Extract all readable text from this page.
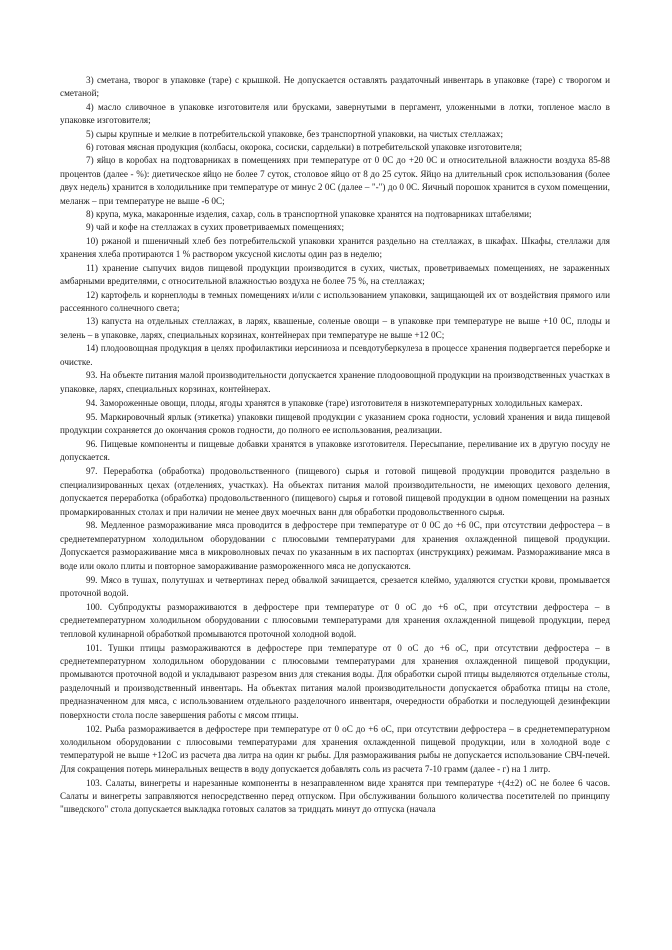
3) сметана, творог в упаковке (таре) с крышкой. Не допускается оставлять раздаточный инвентарь в упаковке (таре) с творогом и сметаной;

4) масло сливочное в упаковке изготовителя или брусками, завернутыми в пергамент, уложенными в лотки, топленое масло в упаковке изготовителя;

5) сыры крупные и мелкие в потребительской упаковке, без транспортной упаковки, на чистых стеллажах;

6) готовая мясная продукция (колбасы, окорока, сосиски, сардельки) в потребительской упаковке изготовителя;

7) яйцо в коробах на подтоварниках в помещениях при температуре от 0 0С до +20 0С и относительной влажности воздуха 85-88 процентов (далее - %): диетическое яйцо не более 7 суток, столовое яйцо от 8 до 25 суток. Яйцо на длительный срок использования (более двух недель) хранится в холодильнике при температуре от минус 2 0С (далее – "-") до 0 0С. Яичный порошок хранится в сухом помещении, меланж – при температуре не выше -6 0С;

8) крупа, мука, макаронные изделия, сахар, соль в транспортной упаковке хранятся на подтоварниках штабелями;

9) чай и кофе на стеллажах в сухих проветриваемых помещениях;

10) ржаной и пшеничный хлеб без потребительской упаковки хранится раздельно на стеллажах, в шкафах. Шкафы, стеллажи для хранения хлеба протираются 1 % раствором уксусной кислоты один раз в неделю;

11) хранение сыпучих видов пищевой продукции производится в сухих, чистых, проветриваемых помещениях, не зараженных амбарными вредителями, с относительной влажностью воздуха не более 75 %, на стеллажах;

12) картофель и корнеплоды в темных помещениях и/или с использованием упаковки, защищающей их от воздействия прямого или рассеянного солнечного света;

13) капуста на отдельных стеллажах, в ларях, квашеные, соленые овощи – в упаковке при температуре не выше +10 0С, плоды и зелень – в упаковке, ларях, специальных корзинах, контейнерах при температуре не выше +12 0С;

14) плодоовощная продукция в целях профилактики иерсиниоза и псевдотуберкулеза в процессе хранения подвергается переборке и очистке.

93. На объекте питания малой производительности допускается хранение плодоовощной продукции на производственных участках в упаковке, ларях, специальных корзинах, контейнерах.

94. Замороженные овощи, плоды, ягоды хранятся в упаковке (таре) изготовителя в низкотемпературных холодильных камерах.

95. Маркировочный ярлык (этикетка) упаковки пищевой продукции с указанием срока годности, условий хранения и вида пищевой продукции сохраняется до окончания сроков годности, до полного ее использования, реализации.

96. Пищевые компоненты и пищевые добавки хранятся в упаковке изготовителя. Пересыпание, переливание их в другую посуду не допускается.

97. Переработка (обработка) продовольственного (пищевого) сырья и готовой пищевой продукции проводится раздельно в специализированных цехах (отделениях, участках). На объектах питания малой производительности, не имеющих цехового деления, допускается переработка (обработка) продовольственного (пищевого) сырья и готовой пищевой продукции в одном помещении на разных промаркированных столах и при наличии не менее двух моечных ванн для обработки продовольственного сырья.

98. Медленное размораживание мяса проводится в дефростере при температуре от 0 0С до +6 0С, при отсутствии дефростера – в среднетемпературном холодильном оборудовании с плюсовыми температурами для хранения охлажденной пищевой продукции. Допускается размораживание мяса в микроволновых печах по указанным в их паспортах (инструкциях) режимам. Размораживание мяса в воде или около плиты и повторное замораживание размороженного мяса не допускаются.

99. Мясо в тушах, полутушах и четвертинах перед обвалкой зачищается, срезается клеймо, удаляются сгустки крови, промывается проточной водой.

100. Субпродукты размораживаются в дефростере при температуре от 0 оС до +6 оС, при отсутствии дефростера – в среднетемпературном холодильном оборудовании с плюсовыми температурами для хранения охлажденной пищевой продукции, перед тепловой кулинарной обработкой промываются проточной холодной водой.

101. Тушки птицы размораживаются в дефростере при температуре от 0 оС до +6 оС, при отсутствии дефростера – в среднетемпературном холодильном оборудовании с плюсовыми температурами для хранения охлажденной пищевой продукции, промываются проточной водой и укладывают разрезом вниз для стекания воды. Для обработки сырой птицы выделяются отдельные столы, разделочный и производственный инвентарь. На объектах питания малой производительности допускается обработка птицы на столе, предназначенном для мяса, с использованием отдельного разделочного инвентаря, очередности обработки и последующей дезинфекции поверхности стола после завершения работы с мясом птицы.

102. Рыба размораживается в дефростере при температуре от 0 оС до +6 оС, при отсутствии дефростера – в среднетемпературном холодильном оборудовании с плюсовыми температурами для хранения охлажденной пищевой продукции, или в холодной воде с температурой не выше +12оС из расчета два литра на один кг рыбы. Для размораживания рыбы не допускается использование СВЧ-печей. Для сокращения потерь минеральных веществ в воду допускается добавлять соль из расчета 7-10 грамм (далее - г) на 1 литр.

103. Салаты, винегреты и нарезанные компоненты в незаправленном виде хранятся при температуре +(4±2) оС не более 6 часов. Салаты и винегреты заправляются непосредственно перед отпуском. При обслуживании большого количества посетителей по принципу "шведского" стола допускается выкладка готовых салатов за тридцать минут до отпуска (начала
